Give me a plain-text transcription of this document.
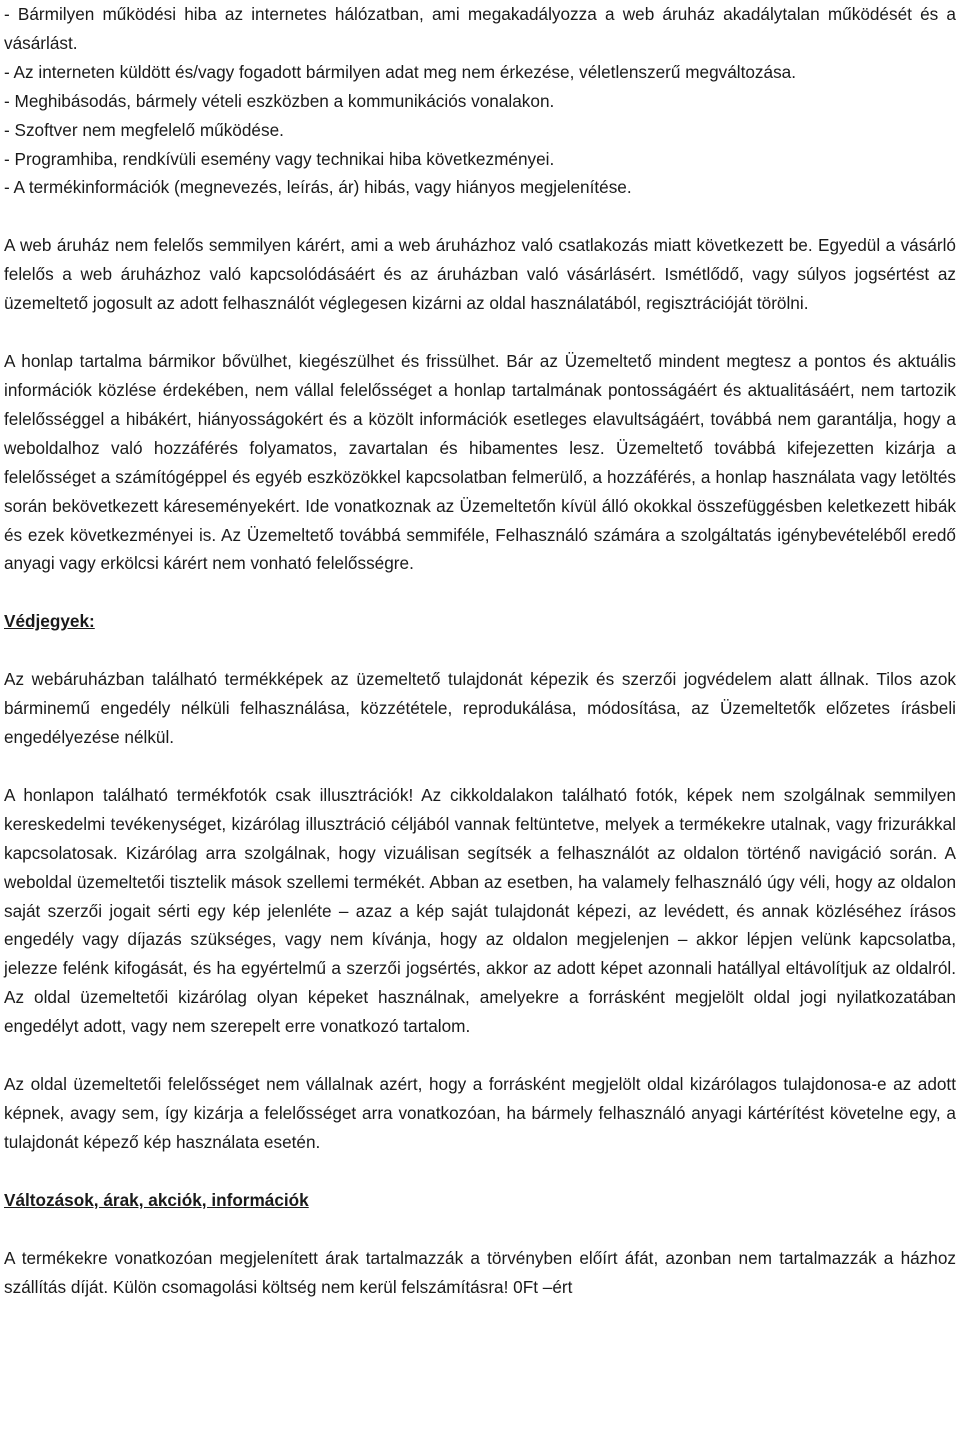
- Bármilyen működési hiba az internetes hálózatban, ami megakadályozza a web áruház akadálytalan működését és a vásárlást.
- Az interneten küldött és/vagy fogadott bármilyen adat meg nem érkezése, véletlenszerű megváltozása.
- Meghibásodás, bármely vételi eszközben a kommunikációs vonalakon.
- Szoftver nem megfelelő működése.
- Programhiba, rendkívüli esemény vagy technikai hiba következményei.
- A termékinformációk (megnevezés, leírás, ár) hibás, vagy hiányos megjelenítése.
A web áruház nem felelős semmilyen kárért, ami a web áruházhoz való csatlakozás miatt következett be. Egyedül a vásárló felelős a web áruházhoz való kapcsolódásáért és az áruházban való vásárlásért. Ismétlődő, vagy súlyos jogsértést az üzemeltető jogosult az adott felhasználót véglegesen kizárni az oldal használatából, regisztrációját törölni.
A honlap tartalma bármikor bővülhet, kiegészülhet és frissülhet. Bár az Üzemeltető mindent megtesz a pontos és aktuális információk közlése érdekében, nem vállal felelősséget a honlap tartalmának pontosságáért és aktualitásáért, nem tartozik felelősséggel a hibákért, hiányosságokért és a közölt információk esetleges elavultságáért, továbbá nem garantálja, hogy a weboldalhoz való hozzáférés folyamatos, zavartalan és hibamentes lesz. Üzemeltető továbbá kifejezetten kizárja a felelősséget a számítógéppel és egyéb eszközökkel kapcsolatban felmerülő, a hozzáférés, a honlap használata vagy letöltés során bekövetkezett káreseményekért. Ide vonatkoznak az Üzemeltetőn kívül álló okokkal összefüggésben keletkezett hibák és ezek következményei is. Az Üzemeltető továbbá semmiféle, Felhasználó számára a szolgáltatás igénybevételéből eredő anyagi vagy erkölcsi kárért nem vonható felelősségre.
Védjegyek:
Az webáruházban található termékképek az üzemeltető tulajdonát képezik és szerzői jogvédelem alatt állnak. Tilos azok bárminemű engedély nélküli felhasználása, közzététele, reprodukálása, módosítása, az Üzemeltetők előzetes írásbeli engedélyezése nélkül.
A honlapon található termékfotók csak illusztrációk! Az cikkoldalakon található fotók, képek nem szolgálnak semmilyen kereskedelmi tevékenységet, kizárólag illusztráció céljából vannak feltüntetve, melyek a termékekre utalnak, vagy frizurákkal kapcsolatosak. Kizárólag arra szolgálnak, hogy vizuálisan segítsék a felhasználót az oldalon történő navigáció során. A weboldal üzemeltetői tisztelik mások szellemi termékét. Abban az esetben, ha valamely felhasználó úgy véli, hogy az oldalon saját szerzői jogait sérti egy kép jelenléte – azaz a kép saját tulajdonát képezi, az levédett, és annak közléséhez írásos engedély vagy díjazás szükséges, vagy nem kívánja, hogy az oldalon megjelenjen – akkor lépjen velünk kapcsolatba, jelezze felénk kifogását, és ha egyértelmű a szerzői jogsértés, akkor az adott képet azonnali hatállyal eltávolítjuk az oldalról. Az oldal üzemeltetői kizárólag olyan képeket használnak, amelyekre a forrásként megjelölt oldal jogi nyilatkozatában engedélyt adott, vagy nem szerepelt erre vonatkozó tartalom.
Az oldal üzemeltetői felelősséget nem vállalnak azért, hogy a forrásként megjelölt oldal kizárólagos tulajdonosa-e az adott képnek, avagy sem, így kizárja a felelősséget arra vonatkozóan, ha bármely felhasználó anyagi kártérítést követelne egy, a tulajdonát képező kép használata esetén.
Változások, árak, akciók, információk
A termékekre vonatkozóan megjelenített árak tartalmazzák a törvényben előírt áfát, azonban nem tartalmazzák a házhoz szállítás díját. Külön csomagolási költség nem kerül felszámításra! 0Ft –ért
